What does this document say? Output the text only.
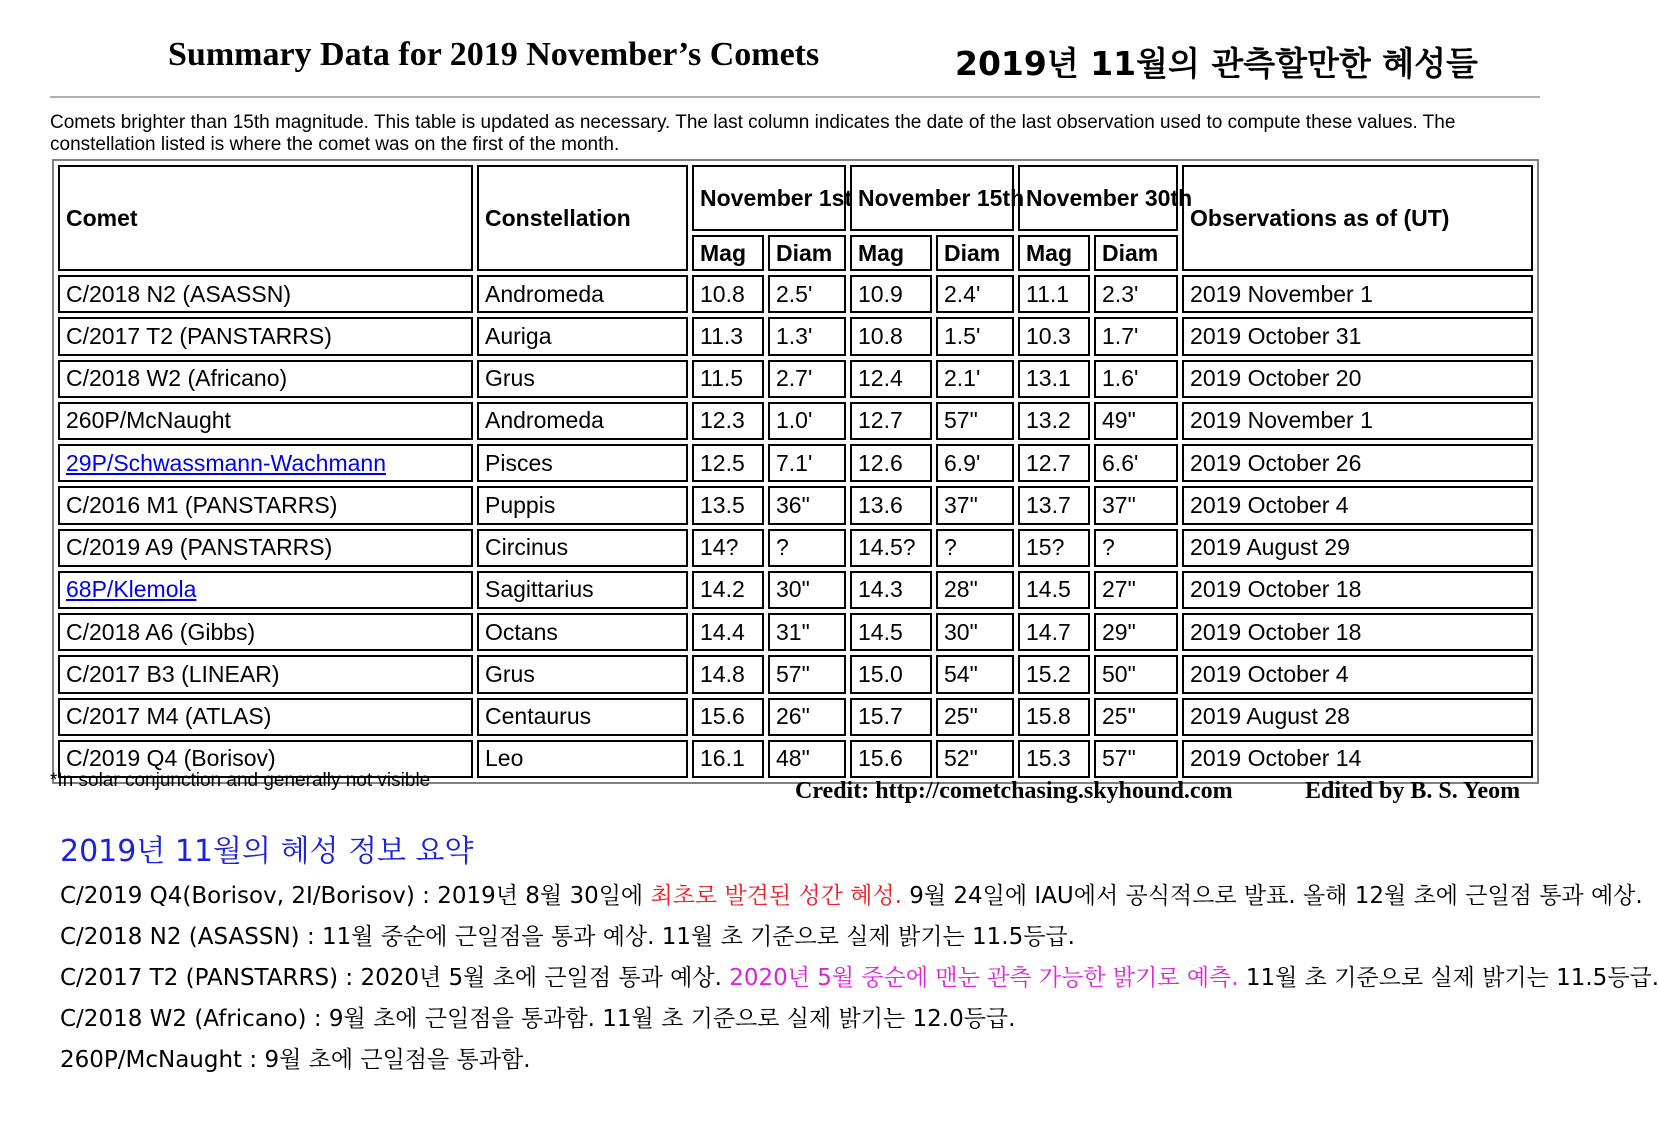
Summary Data for 2019 November’s Comets	2019년 11월의 관측할만한 혜성들
Comets brighter than 15th magnitude. This table is updated as necessary. The last column indicates the date of the last observation used to compute these values. The constellation listed is where the comet was on the first of the month.
Comet	Constellation	November 1st		November 15th		November 30th		Observations as of (UT)
		Mag	Diam	Mag	Diam	Mag	Diam	
C/2018 N2 (ASASSN)	Andromeda	10.8	2.5'	10.9	2.4'	11.1	2.3'	2019 November 1
C/2017 T2 (PANSTARRS)	Auriga	11.3	1.3'	10.8	1.5'	10.3	1.7'	2019 October 31
C/2018 W2 (Africano)	Grus	11.5	2.7'	12.4	2.1'	13.1	1.6'	2019 October 20
260P/McNaught	Andromeda	12.3	1.0'	12.7	57"	13.2	49"	2019 November 1
29P/Schwassmann-Wachmann	Pisces	12.5	7.1'	12.6	6.9'	12.7	6.6'	2019 October 26
C/2016 M1 (PANSTARRS)	Puppis	13.5	36"	13.6	37"	13.7	37"	2019 October 4
C/2019 A9 (PANSTARRS)	Circinus	14?	?	14.5?	?	15?	?	2019 August 29
68P/Klemola	Sagittarius	14.2	30"	14.3	28"	14.5	27"	2019 October 18
C/2018 A6 (Gibbs)	Octans	14.4	31"	14.5	30"	14.7	29"	2019 October 18
C/2017 B3 (LINEAR)	Grus	14.8	57"	15.0	54"	15.2	50"	2019 October 4
C/2017 M4 (ATLAS)	Centaurus	15.6	26"	15.7	25"	15.8	25"	2019 August 28
C/2019 Q4 (Borisov)	Leo	16.1	48"	15.6	52"	15.3	57"	2019 October 14
*In solar conjunction and generally not visible	Credit: http://cometchasing.skyhound.com	Edited by B. S. Yeom
2019년 11월의 혜성 정보 요약
C/2019 Q4(Borisov, 2I/Borisov) : 2019년 8월 30일에 최초로 발견된 성간 혜성. 9월 24일에 IAU에서 공식적으로 발표. 올해 12월 초에 근일점 통과 예상.
C/2018 N2 (ASASSN) : 11월 중순에 근일점을 통과 예상. 11월 초 기준으로 실제 밝기는 11.5등급.
C/2017 T2 (PANSTARRS) : 2020년 5월 초에 근일점 통과 예상. 2020년 5월 중순에 맨눈 관측 가능한 밝기로 예측. 11월 초 기준으로 실제 밝기는 11.5등급.
C/2018 W2 (Africano) : 9월 초에 근일점을 통과함. 11월 초 기준으로 실제 밝기는 12.0등급.
260P/McNaught : 9월 초에 근일점을 통과함.
